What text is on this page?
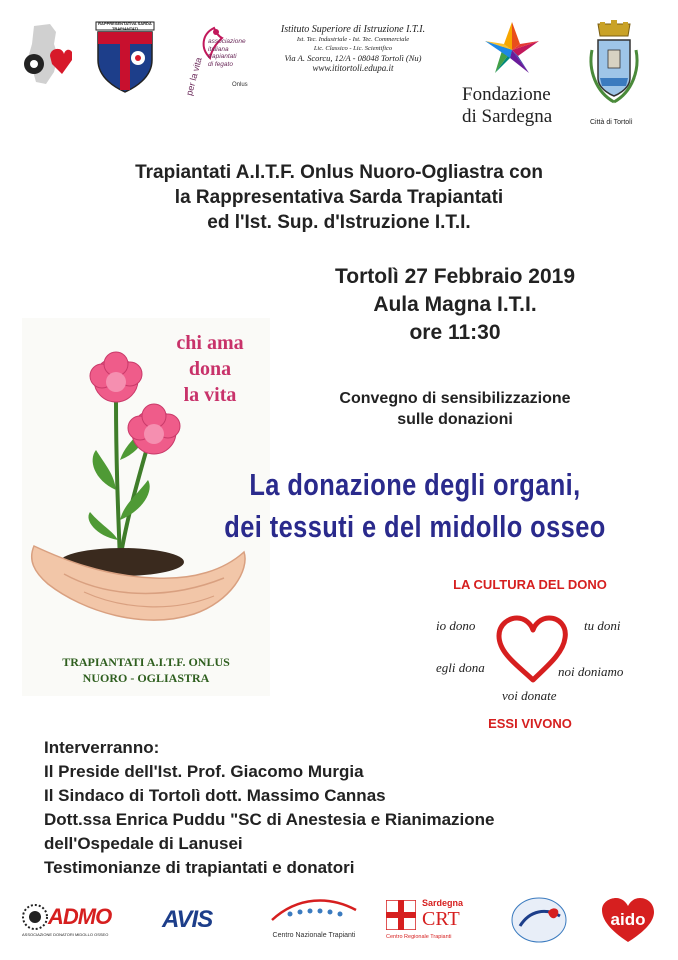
RAPPRESENTATIVA SARDA TRAPIANTATI
per la vita
associazione
italiana
trapiantati
di fegato
Onlus
Istituto Superiore di Istruzione I.T.I.
Ist. Tec. Industriale - Ist. Tec. Commerciale
Lic. Classico - Lic. Scientifico
Via A. Scorcu, 12/A - 08048 Tortolì (Nu)
www.ititortoli.edupa.it
Fondazione
di Sardegna	Città di Tortolì
Trapiantati A.I.T.F. Onlus Nuoro-Ogliastra con
la Rappresentativa Sarda Trapiantati
ed l'Ist. Sup. d'Istruzione I.T.I.
Tortolì 27 Febbraio 2019
Aula Magna I.T.I.
ore 11:30
chi ama
dona
la vita
TRAPIANTATI A.I.T.F. ONLUS
NUORO - OGLIASTRA
Convegno di sensibilizzazione
sulle donazioni
La donazione degli organi,
dei tessuti e del midollo osseo
LA CULTURA DEL DONO
io dono	tu doni
egli dona	noi doniamo
voi donate
ESSI VIVONO
Interverranno:
Il Preside dell'Ist. Prof. Giacomo Murgia
Il Sindaco di Tortolì dott. Massimo Cannas
Dott.ssa Enrica Puddu "SC di Anestesia e Rianimazione
dell'Ospedale di Lanusei
Testimonianze di trapiantati e donatori
ADMO
ASSOCIAZIONE DONATORI MIDOLLO OSSEO
AVIS
Centro Nazionale Trapianti
Sardegna
CRT
Centro Regionale Trapianti
aido
